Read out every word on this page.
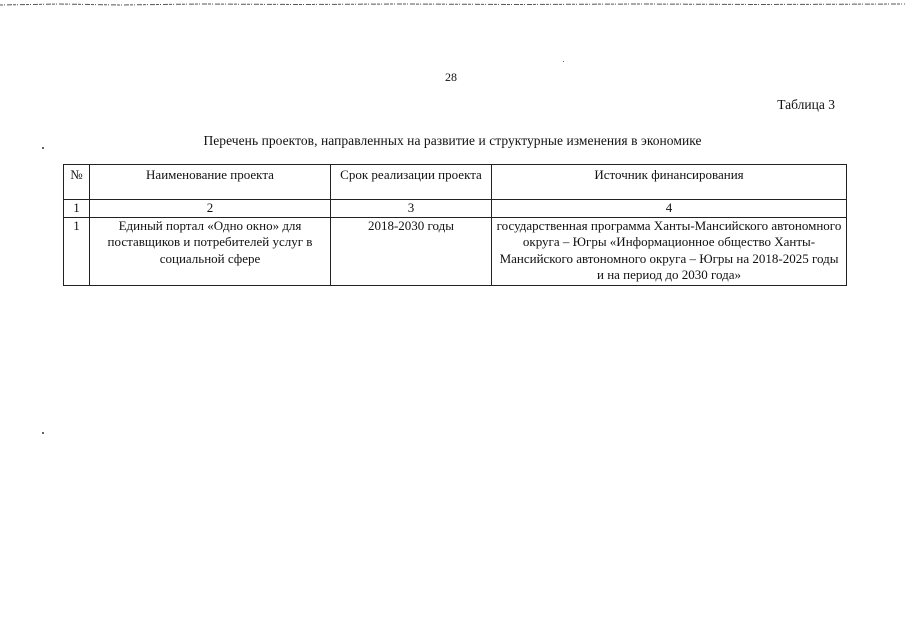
28
Таблица 3
Перечень проектов, направленных на развитие и структурные изменения в экономике
№	Наименование проекта	Срок реализации проекта	Источник финансирования
1	2	3	4
1	Единый портал «Одно окно» для поставщиков и потребителей услуг в социальной сфере	2018-2030 годы	государственная программа Ханты-Мансийского автономного округа – Югры «Информационное общество Ханты-Мансийского автономного округа – Югры на 2018-2025 годы и на период до 2030 года»
